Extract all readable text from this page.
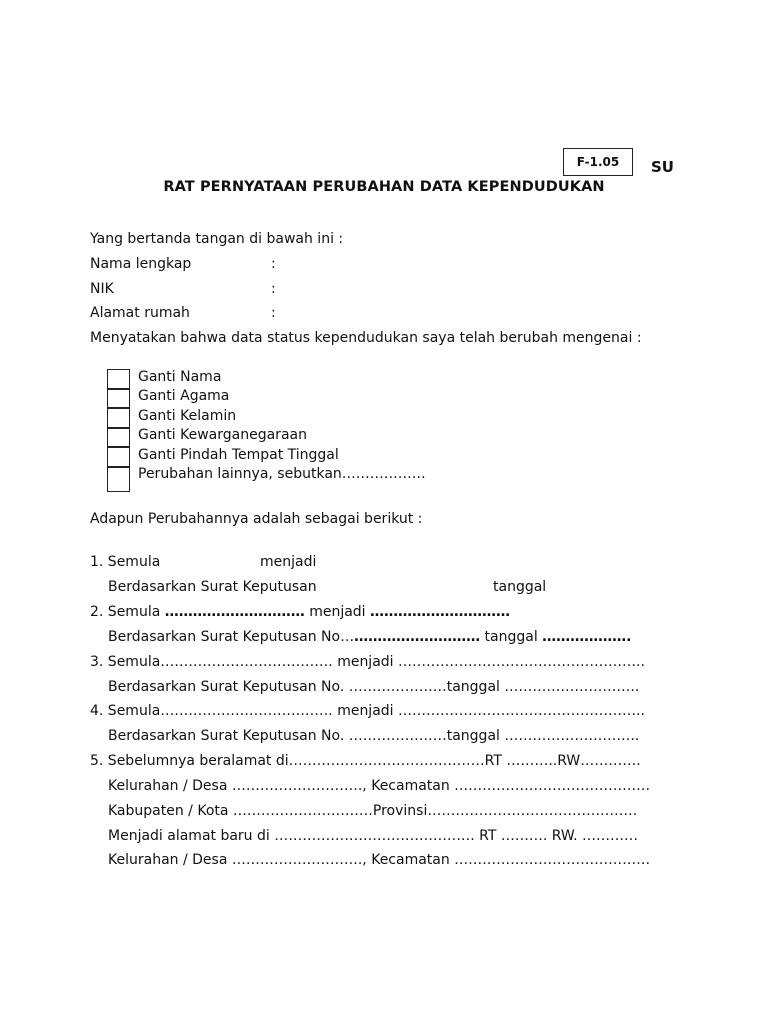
F-1.05	SU
RAT PERNYATAAN PERUBAHAN DATA KEPENDUDUKAN
Yang bertanda tangan di bawah ini :
Nama lengkap	:
NIK	:
Alamat rumah	:
Menyatakan bahwa data status kependudukan saya telah berubah mengenai :
Ganti Nama
Ganti Agama
Ganti Kelamin
Ganti Kewarganegaraan
Ganti Pindah Tempat Tinggal
Perubahan lainnya, sebutkan………………
Adapun Perubahannya adalah sebagai berikut :
1. Semula	menjadi
Berdasarkan Surat Keputusan	tanggal
2. Semula ………………………… menjadi …………………………
Berdasarkan Surat Keputusan No………………………… tanggal ……………….
3. Semula………………………………. menjadi ……………………………………………..
Berdasarkan Surat Keputusan No. …………………tanggal ………………………..
4. Semula………………………………. menjadi ……………………………………………..
Berdasarkan Surat Keputusan No. …………………tanggal ………………………..
5. Sebelumnya beralamat di……………………………………RT ………..RW………….
Kelurahan / Desa ………………………., Kecamatan ……………………………………
Kabupaten / Kota …………………………Provinsi………………………………………
Menjadi alamat baru di ……………………………………. RT ………. RW. …………
Kelurahan / Desa ………………………., Kecamatan ……………………………………
